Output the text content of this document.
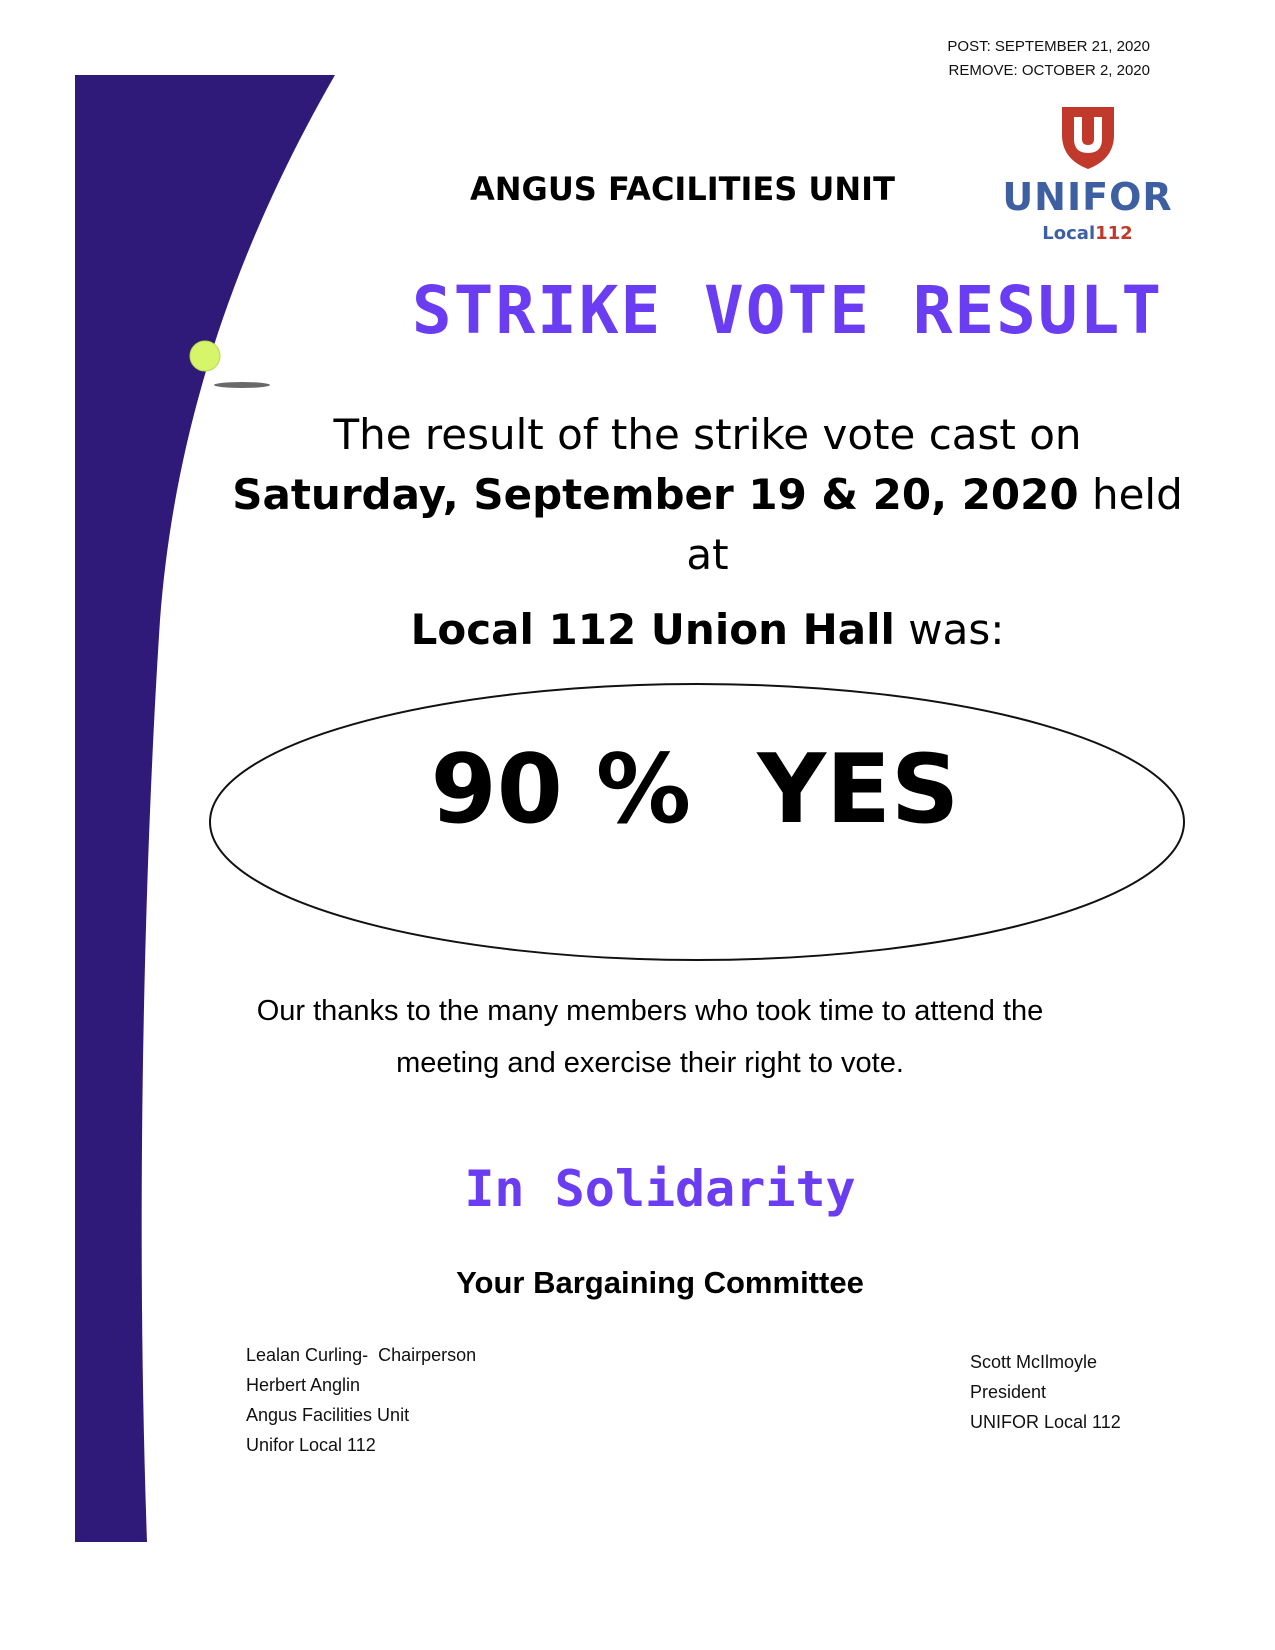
POST: SEPTEMBER 21, 2020
REMOVE: OCTOBER 2, 2020
UNIFOR
Local112
ANGUS FACILITIES UNIT
STRIKE VOTE RESULT
The result of the strike vote cast on
Saturday, September 19 & 20, 2020 held
at
Local 112 Union Hall was:
90 %  YES
Our thanks to the many members who took time to attend the
meeting and exercise their right to vote.
In Solidarity
Your Bargaining Committee
Lealan Curling-  Chairperson
Herbert Anglin
Angus Facilities Unit
Unifor Local 112
Scott McIlmoyle
President
UNIFOR Local 112
